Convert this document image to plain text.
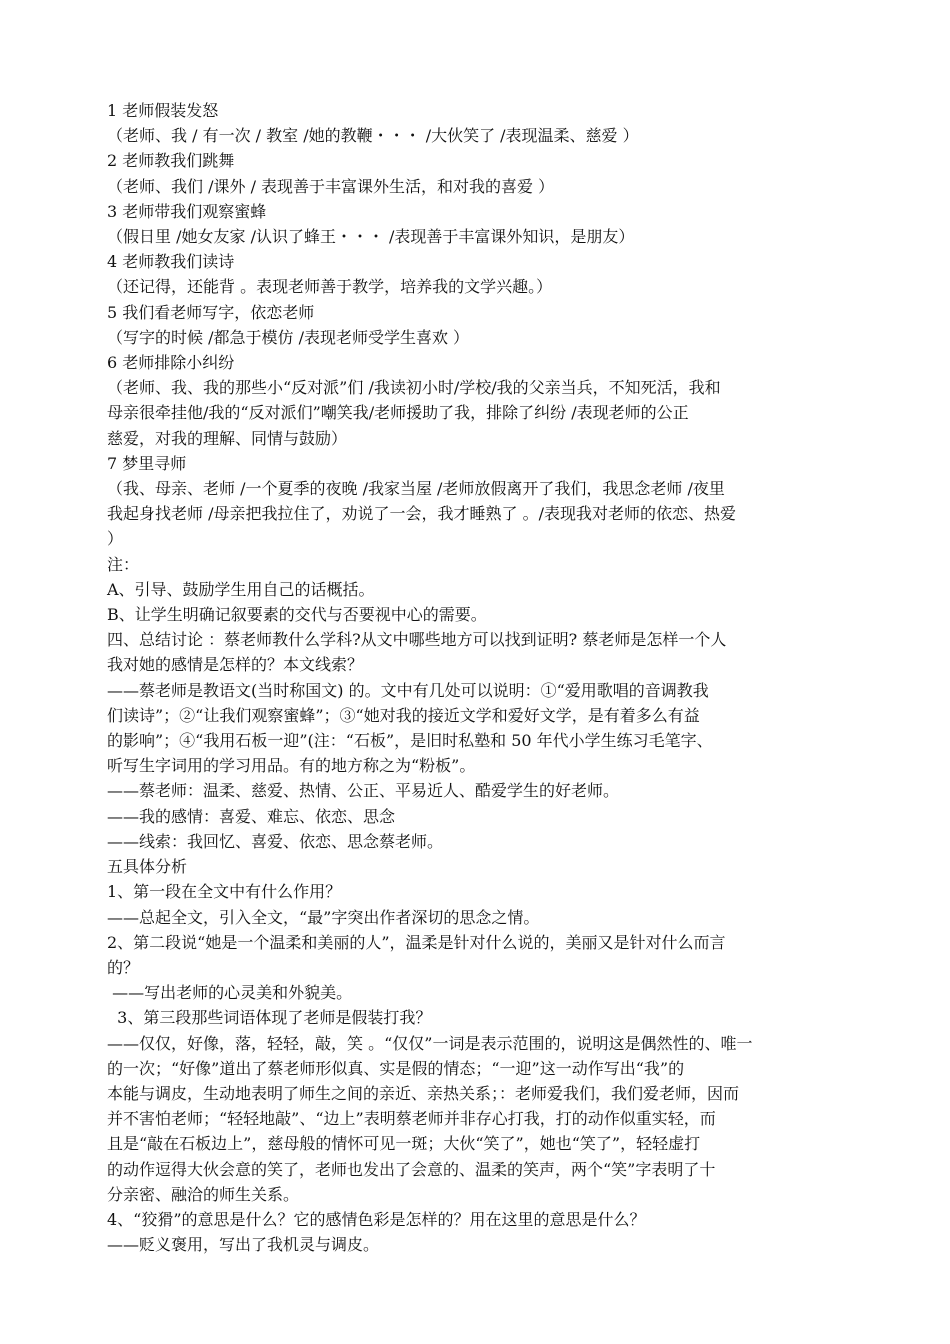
1 老师假装发怒

（老师、我 / 有一次 / 教室 /她的教鞭・・・ /大伙笑了 /表现温柔、慈爱 ）

2 老师教我们跳舞

（老师、我们 /课外 / 表现善于丰富课外生活，和对我的喜爱 ）

3 老师带我们观察蜜蜂

（假日里 /她女友家 /认识了蜂王・・・ /表现善于丰富课外知识，是朋友）

4 老师教我们读诗

（还记得，还能背 。表现老师善于教学，培养我的文学兴趣。）

5 我们看老师写字，依恋老师

（写字的时候 /都急于模仿 /表现老师受学生喜欢 ）

6 老师排除小纠纷

（老师、我、我的那些小“反对派”们 /我读初小时/学校/我的父亲当兵，不知死活，我和

母亲很牵挂他/我的“反对派们”嘲笑我/老师援助了我，排除了纠纷 /表现老师的公正

慈爱，对我的理解、同情与鼓励）

7 梦里寻师

（我、母亲、老师 /一个夏季的夜晚 /我家当屋 /老师放假离开了我们，我思念老师 /夜里

我起身找老师 /母亲把我拉住了，劝说了一会，我才睡熟了 。/表现我对老师的依恋、热爱

）

注：

A、引导、鼓励学生用自己的话概括。

B、让学生明确记叙要素的交代与否要视中心的需要。

四、总结讨论 ：蔡老师教什么学科?从文中哪些地方可以找到证明? 蔡老师是怎样一个人

我对她的感情是怎样的？本文线索？

——蔡老师是教语文(当时称国文) 的。文中有几处可以说明：①“爱用歌唱的音调教我

们读诗”；②“让我们观察蜜蜂”；③“她对我的接近文学和爱好文学，是有着多么有益

的影响”；④“我用石板一迎”(注：“石板”，是旧时私塾和 50 年代小学生练习毛笔字、

听写生字词用的学习用品。有的地方称之为“粉板”。

——蔡老师：温柔、慈爱、热情、公正、平易近人、酷爱学生的好老师。

——我的感情：喜爱、难忘、依恋、思念

——线索：我回忆、喜爱、依恋、思念蔡老师。

五具体分析

1、第一段在全文中有什么作用？

——总起全文，引入全文，“最”字突出作者深切的思念之情。

2、第二段说“她是一个温柔和美丽的人”，温柔是针对什么说的，美丽又是针对什么而言

的？

——写出老师的心灵美和外貌美。

3、第三段那些词语体现了老师是假装打我？

——仅仅，好像，落，轻轻，敲，笑 。“仅仅”一词是表示范围的，说明这是偶然性的、唯一

的一次；“好像”道出了蔡老师形似真、实是假的情态；“一迎”这一动作写出“我”的

本能与调皮，生动地表明了师生之间的亲近、亲热关系；：老师爱我们，我们爱老师，因而

并不害怕老师；“轻轻地敲”、“边上”表明蔡老师并非存心打我，打的动作似重实轻，而

且是“敲在石板边上”，慈母般的情怀可见一斑；大伙“笑了”，她也“笑了”，轻轻虚打

的动作逗得大伙会意的笑了，老师也发出了会意的、温柔的笑声，两个“笑”字表明了十

分亲密、融洽的师生关系。

4、“狡猾”的意思是什么？它的感情色彩是怎样的？用在这里的意思是什么？

——贬义褒用，写出了我机灵与调皮。
